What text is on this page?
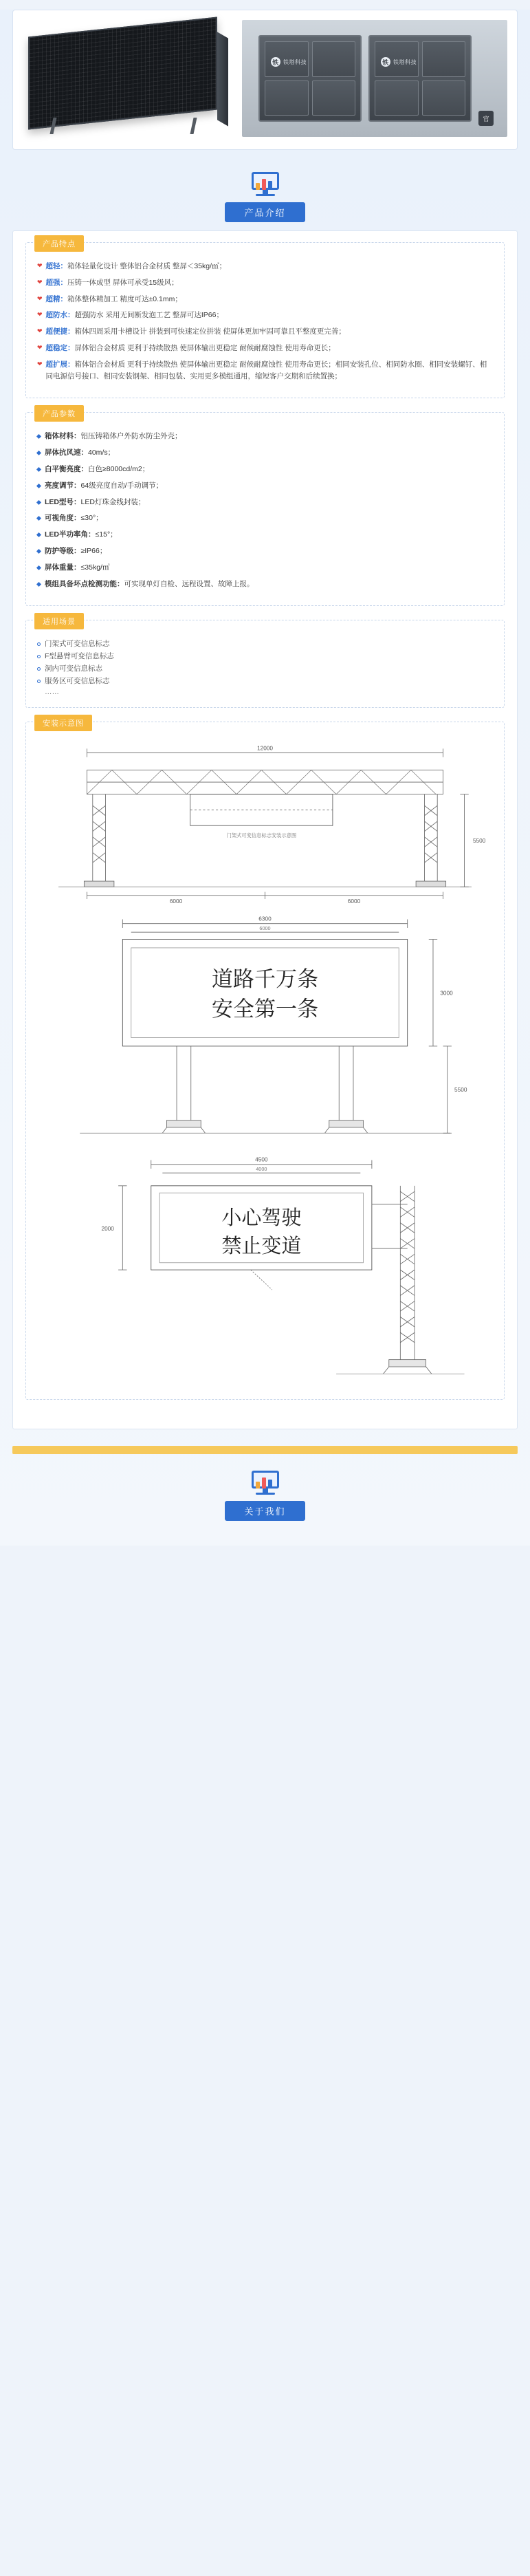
铁 铁塔科技	铁 铁塔科技
官
产品介绍
产品特点
❤ 超轻：箱体轻量化设计 整体铝合金材质 整屏＜35kg/㎡；
❤ 超强：压铸一体成型 屏体可承受15级风；
❤ 超精：箱体整体精加工 精度可达±0.1mm；
❤ 超防水：超强防水 采用无间断发泡工艺 整屏可达IP66；
❤ 超便捷：箱体四周采用卡槽设计 拼装到可快速定位拼装 使屏体更加牢固可靠且平整度更完善；
❤ 超稳定：屏体铝合金材质 更利于持续散热 使屏体输出更稳定 耐候耐腐蚀性 使用寿命更长；
❤ 超扩展：箱体铝合金材质 更利于持续散热 使屏体输出更稳定 耐候耐腐蚀性 使用寿命更长；相同安装孔位、相同防水圈、相同安装螺钉、相同电源信号接口、相同安装钢架、相同包装、实用更多模组通用，缩短客户交期和后续置换；
产品参数
箱体材料：铝压铸箱体户外防水防尘外壳；
屏体抗风速：40m/s；
白平衡亮度：白色≥8000cd/m2；
亮度调节：64级亮度自动/手动调节；
LED型号：LED灯珠金线封装；
可视角度：≤30°；
LED半功率角：≤15°；
防护等级：≥IP66；
屏体重量：≤35kg/㎡
模组具备坏点检测功能：可实现单灯自检、远程设置、故障上报。
适用场景
门架式可变信息标志
F型悬臂可变信息标志
洞内可变信息标志
服务区可变信息标志
……
安装示意图
12000
6000	6000
5500
门架式可变信息标志安装示意图
6300
6000
3000
5500
道路千万条
安全第一条
4500
4000
2000	小心驾驶
禁止变道
关于我们
